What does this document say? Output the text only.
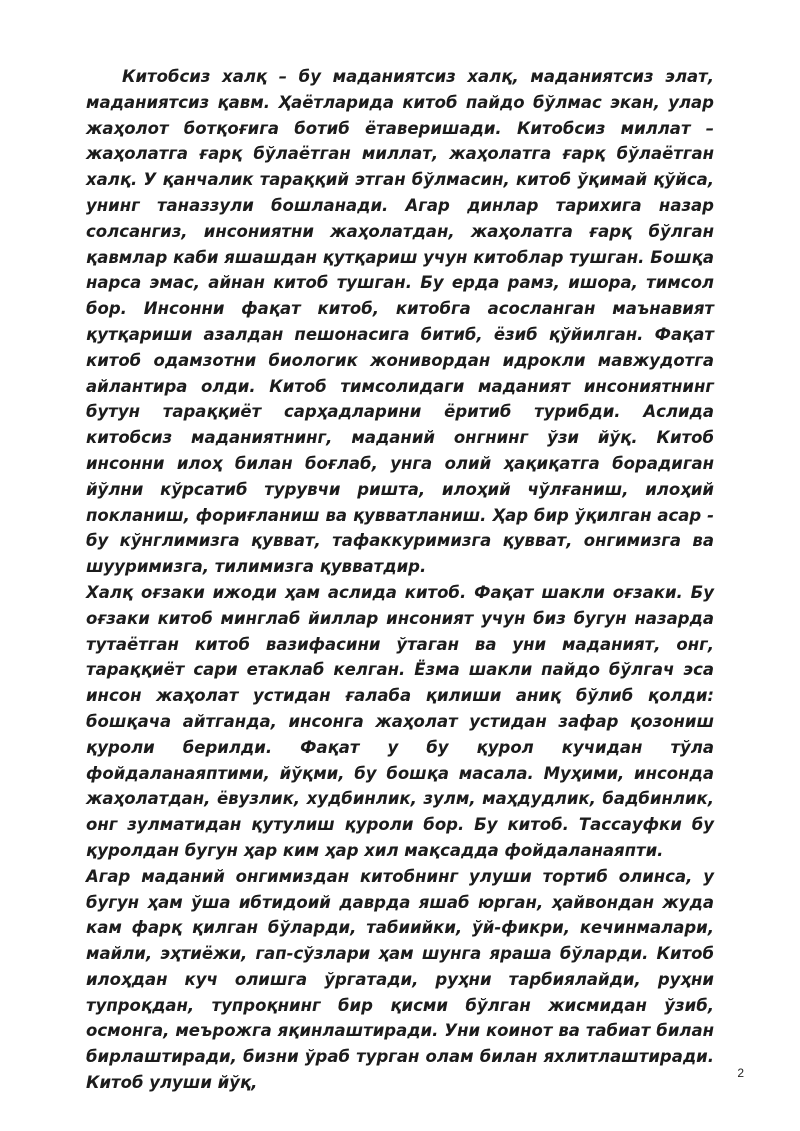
Китобсиз халқ – бу маданиятсиз халқ, маданиятсиз элат, маданиятсиз қавм. Ҳаётларида китоб пайдо бўлмас экан, улар жаҳолот ботқоғига ботиб ётаверишади. Китобсиз миллат – жаҳолатга ғарқ бўлаётган миллат, жаҳолатга ғарқ бўлаётган халқ. У қанчалик тараққий этган бўлмасин, китоб ўқимай қўйса, унинг таназзули бошланади. Агар динлар тарихига назар солсангиз, инсониятни жаҳолатдан, жаҳолатга ғарқ бўлган қавмлар каби яшашдан қутқариш учун китоблар тушган. Бошқа нарса эмас, айнан китоб тушган. Бу ерда рамз, ишора, тимсол бор. Инсонни фақат китоб, китобга асосланган маънавият қутқариши азалдан пешонасига битиб, ёзиб қўйилган. Фақат китоб одамзотни биологик жонивордан идрокли мавжудотга айлантира олди. Китоб тимсолидаги маданият инсониятнинг бутун тараққиёт сарҳадларини ёритиб турибди. Аслида китобсиз маданиятнинг, маданий онгнинг ўзи йўқ. Китоб инсонни илоҳ билан боғлаб, унга олий ҳақиқатга борадиган йўлни кўрсатиб турувчи ришта, илоҳий чўлғаниш, илоҳий покланиш, фориғланиш ва қувватланиш. Ҳар бир ўқилган асар - бу кўнглимизга қувват, тафаккуримизга қувват, онгимизга ва шууримизга, тилимизга қувватдир.

Халқ оғзаки ижоди ҳам аслида китоб. Фақат шакли оғзаки. Бу оғзаки китоб минглаб йиллар инсоният учун биз бугун назарда тутаётган китоб вазифасини ўтаган ва уни маданият, онг, тараққиёт сари етаклаб келган. Ёзма шакли пайдо бўлгач эса инсон жаҳолат устидан ғалаба қилиши аниқ бўлиб қолди: бошқача айтганда, инсонга жаҳолат устидан зафар қозониш қуроли берилди. Фақат у бу қурол кучидан тўла фойдаланаяптими, йўқми, бу бошқа масала. Муҳими, инсонда жаҳолатдан, ёвузлик, худбинлик, зулм, маҳдудлик, бадбинлик, онг зулматидан қутулиш қуроли бор. Бу китоб. Тассауфки бу қуролдан бугун ҳар ким ҳар хил мақсадда фойдаланаяпти.

Агар маданий онгимиздан китобнинг улуши тортиб олинса, у бугун ҳам ўша ибтидоий даврда яшаб юрган, ҳайвондан жуда кам фарқ қилган бўларди, табиийки, ўй-фикри, кечинмалари, майли, эҳтиёжи, гап-сўзлари ҳам шунга яраша бўларди. Китоб илоҳдан куч олишга ўргатади, руҳни тарбиялайди, руҳни тупроқдан, тупроқнинг бир қисми бўлган жисмидан ўзиб, осмонга, меърожга яқинлаштиради. Уни коинот ва табиат билан бирлаштиради, бизни ўраб турган олам билан яхлитлаштиради. Китоб улуши йўқ,

2
